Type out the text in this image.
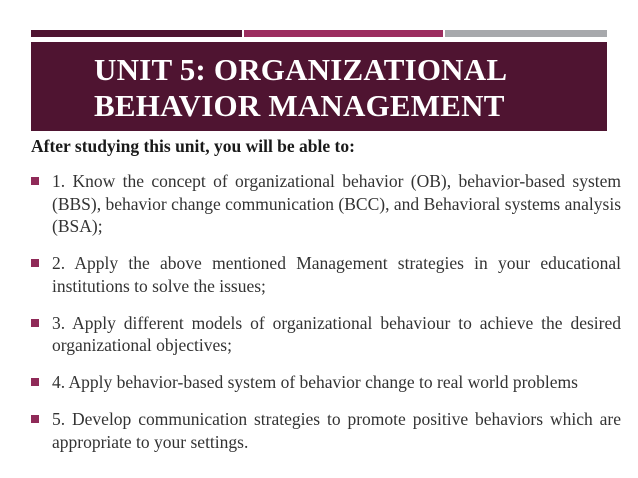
UNIT 5: ORGANIZATIONAL
BEHAVIOR MANAGEMENT
After studying this unit, you will be able to:
1. Know the concept of organizational behavior (OB), behavior-based system (BBS), behavior change communication (BCC), and Behavioral systems analysis (BSA);
2. Apply the above mentioned Management strategies in your educational institutions to solve the issues;
3. Apply different models of organizational behaviour to achieve the desired organizational objectives;
4. Apply behavior-based system of behavior change to real world problems
5. Develop communication strategies to promote positive behaviors which are appropriate to your settings.
